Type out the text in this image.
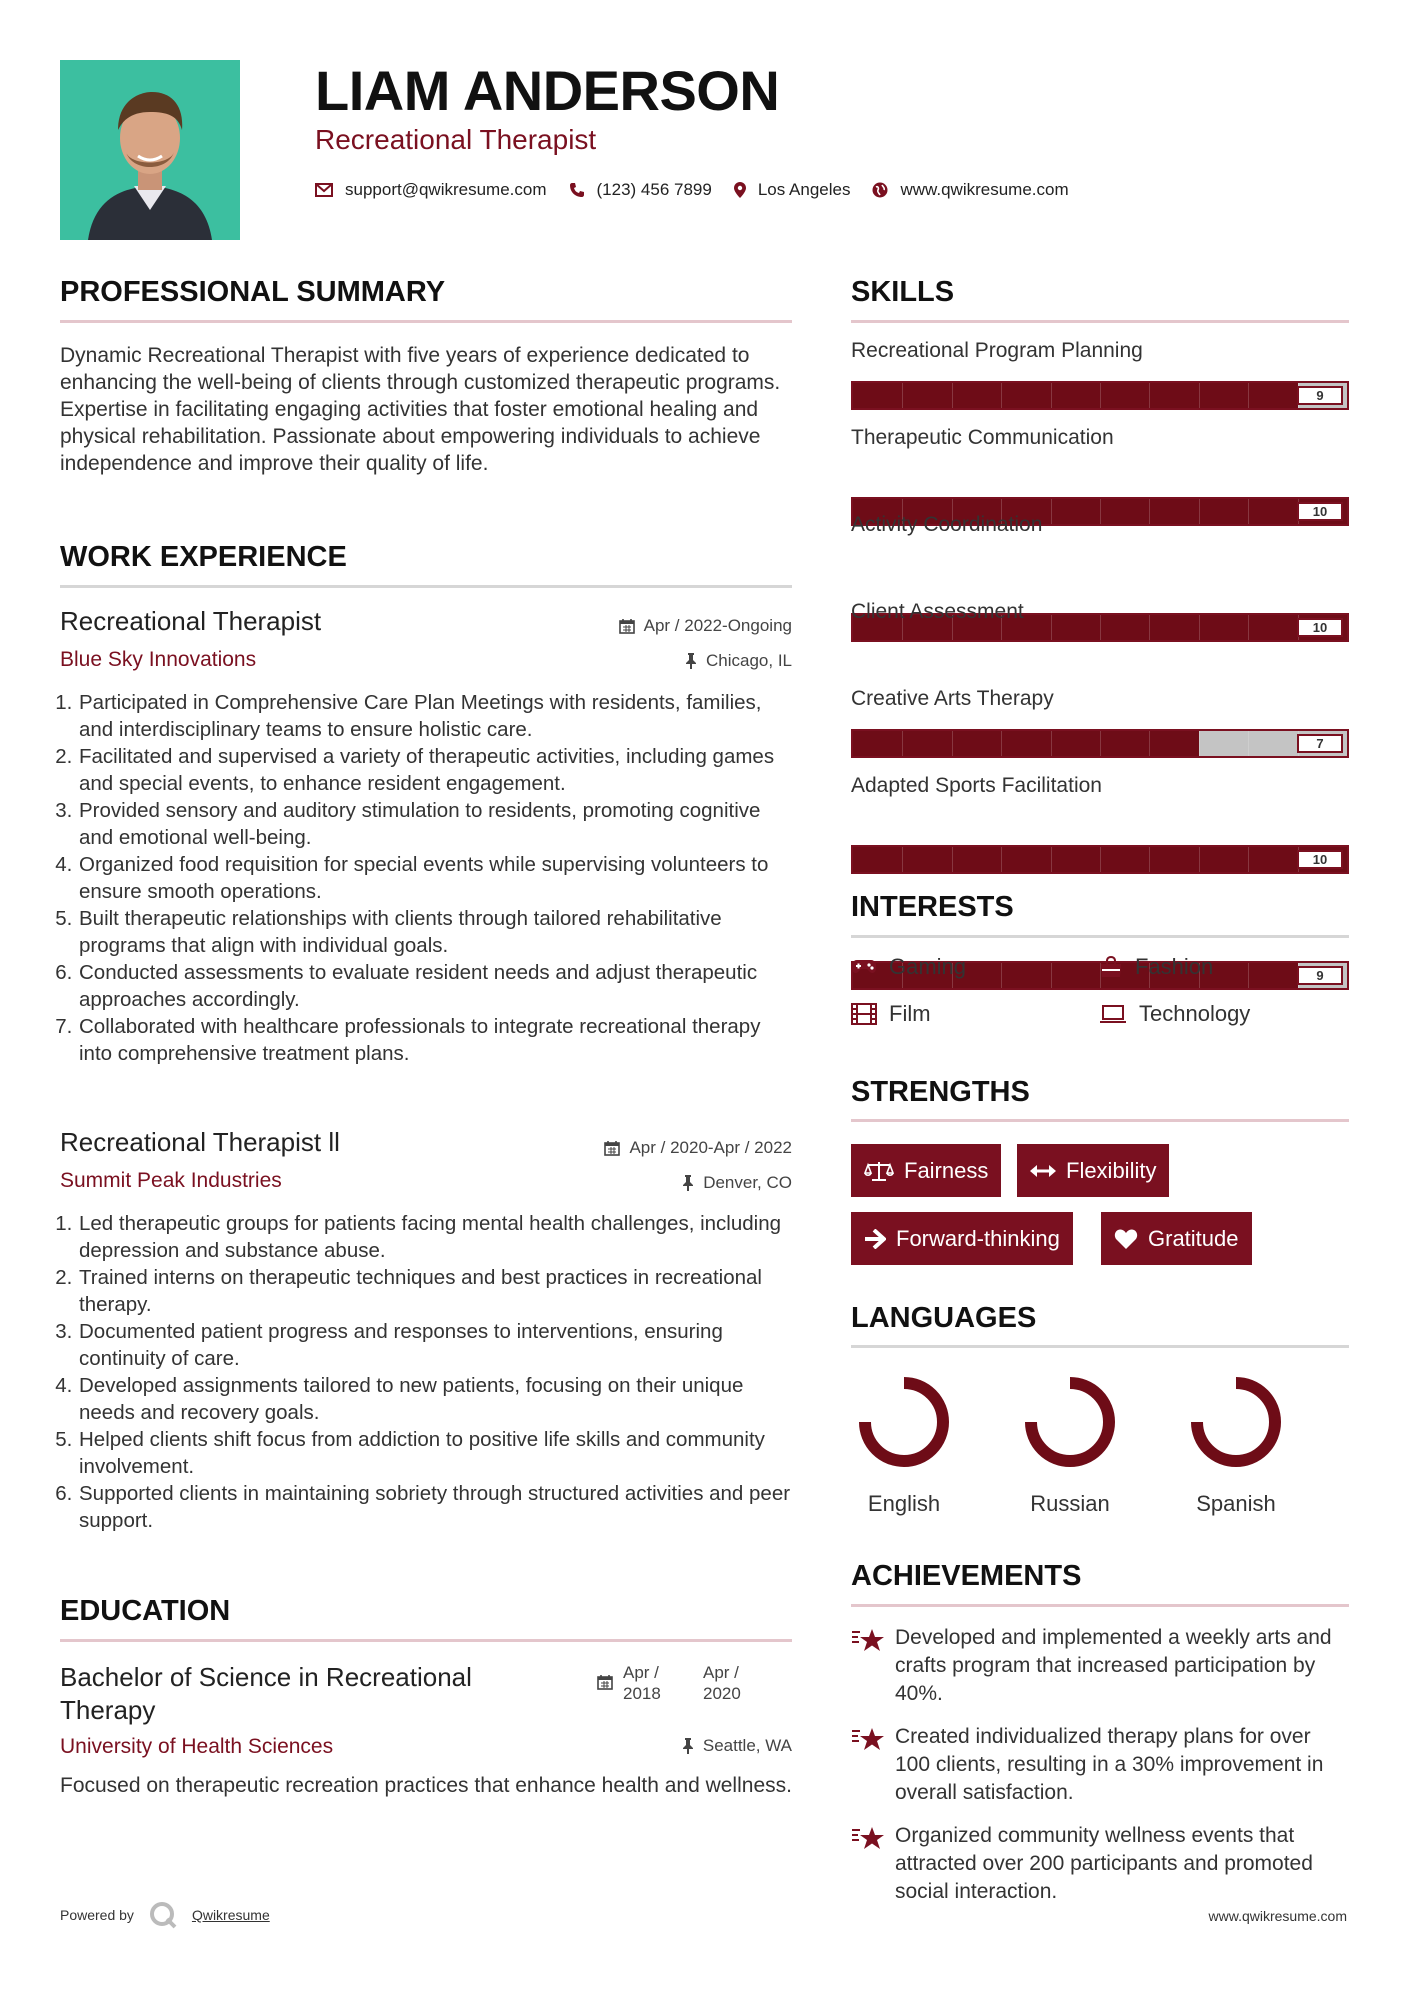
LIAM ANDERSON
Recreational Therapist
support@qwikresume.com	(123) 456 7899	Los Angeles	www.qwikresume.com
PROFESSIONAL SUMMARY
Dynamic Recreational Therapist with five years of experience dedicated to enhancing the well-being of clients through customized therapeutic programs. Expertise in facilitating engaging activities that foster emotional healing and physical rehabilitation. Passionate about empowering individuals to achieve independence and improve their quality of life.
WORK EXPERIENCE
Recreational Therapist	Apr / 2022-Ongoing
Blue Sky Innovations	Chicago, IL
1. Participated in Comprehensive Care Plan Meetings with residents, families, and interdisciplinary teams to ensure holistic care.
2. Facilitated and supervised a variety of therapeutic activities, including games and special events, to enhance resident engagement.
3. Provided sensory and auditory stimulation to residents, promoting cognitive and emotional well-being.
4. Organized food requisition for special events while supervising volunteers to ensure smooth operations.
5. Built therapeutic relationships with clients through tailored rehabilitative programs that align with individual goals.
6. Conducted assessments to evaluate resident needs and adjust therapeutic approaches accordingly.
7. Collaborated with healthcare professionals to integrate recreational therapy into comprehensive treatment plans.
Recreational Therapist ll	Apr / 2020-Apr / 2022
Summit Peak Industries	Denver, CO
1. Led therapeutic groups for patients facing mental health challenges, including depression and substance abuse.
2. Trained interns on therapeutic techniques and best practices in recreational therapy.
3. Documented patient progress and responses to interventions, ensuring continuity of care.
4. Developed assignments tailored to new patients, focusing on their unique needs and recovery goals.
5. Helped clients shift focus from addiction to positive life skills and community involvement.
6. Supported clients in maintaining sobriety through structured activities and peer support.
EDUCATION
Bachelor of Science in Recreational Therapy
Apr /
2018
Apr /
2020
University of Health Sciences	Seattle, WA
Focused on therapeutic recreation practices that enhance health and wellness.
SKILLS
Recreational Program Planning
9
Therapeutic Communication
10
Activity Coordination
10
Client Assessment
7
Creative Arts Therapy
10
Adapted Sports Facilitation
9
INTERESTS
Gaming	Fashion
Film	Technology
STRENGTHS
Fairness	Flexibility
Forward-thinking	Gratitude
LANGUAGES
English	Russian	Spanish
ACHIEVEMENTS
Developed and implemented a weekly arts and crafts program that increased participation by 40%.
Created individualized therapy plans for over 100 clients, resulting in a 30% improvement in overall satisfaction.
Organized community wellness events that attracted over 200 participants and promoted social interaction.
Powered by	Qwikresume	www.qwikresume.com
